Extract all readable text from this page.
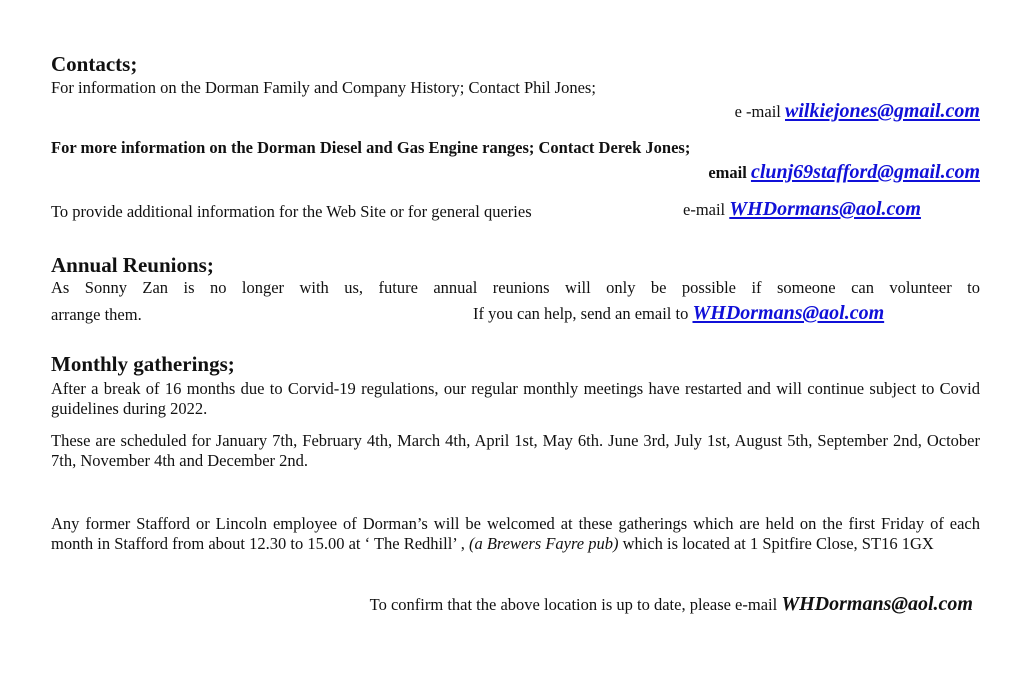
Contacts;
For information on the Dorman Family and Company History; Contact Phil Jones;
e -mail wilkiejones@gmail.com
For more information on the Dorman Diesel and Gas Engine ranges; Contact Derek Jones;
email clunj69stafford@gmail.com
To provide additional information for the Web Site or for general queries	e-mail WHDormans@aol.com
Annual Reunions;
As Sonny Zan is no longer with us, future annual reunions will only be possible if someone can volunteer to
arrange them.	If you can help, send an email to WHDormans@aol.com
Monthly gatherings;

After a break of 16 months due to Corvid-19 regulations, our regular monthly meetings have restarted and will continue subject to Covid guidelines during 2022.

These are scheduled for January 7th, February 4th, March 4th, April 1st, May 6th. June 3rd, July 1st, August 5th, September 2nd, October 7th, November 4th and December 2nd.

Any former Stafford or Lincoln employee of Dorman’s will be welcomed at these gatherings which are held on the first Friday of each month in Stafford from about 12.30 to 15.00 at ‘ The Redhill’ , (a Brewers Fayre pub) which is located at 1 Spitfire Close, ST16 1GX

To confirm that the above location is up to date, please e-mail WHDormans@aol.com
